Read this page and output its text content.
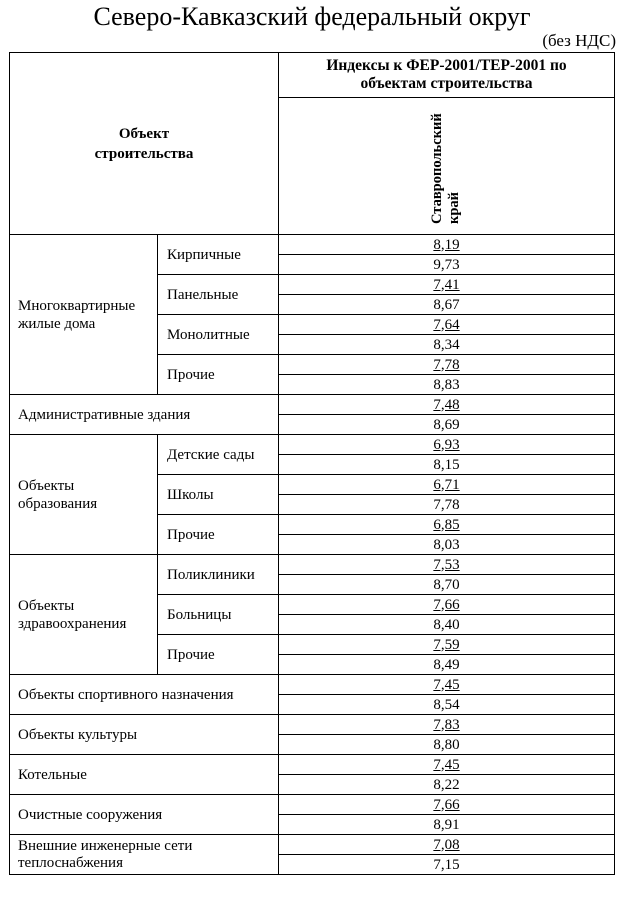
Северо-Кавказский федеральный округ
(без НДС)
Объект строительства		Индексы к ФЕР-2001/ТЕР-2001 по объектам строительства

		Ставропольский край

Многоквартирные жилые дома	Кирпичные	8,19
		9,73
	Панельные	7,41
		8,67
	Монолитные	7,64
		8,34
	Прочие	7,78
		8,83
Административные здания		7,48
		8,69

Объекты образования	Детские сады	6,93
		8,15
	Школы	6,71
		7,78
	Прочие	6,85
		8,03

Объекты здравоохранения	Поликлиники	7,53
		8,70
	Больницы	7,66
		8,40
	Прочие	7,59
		8,49
Объекты спортивного назначения		7,45
		8,54
Объекты культуры		7,83
		8,80
Котельные		7,45
		8,22
Очистные сооружения		7,66
		8,91

Внешние инженерные сети теплоснабжения		7,08
		7,15
